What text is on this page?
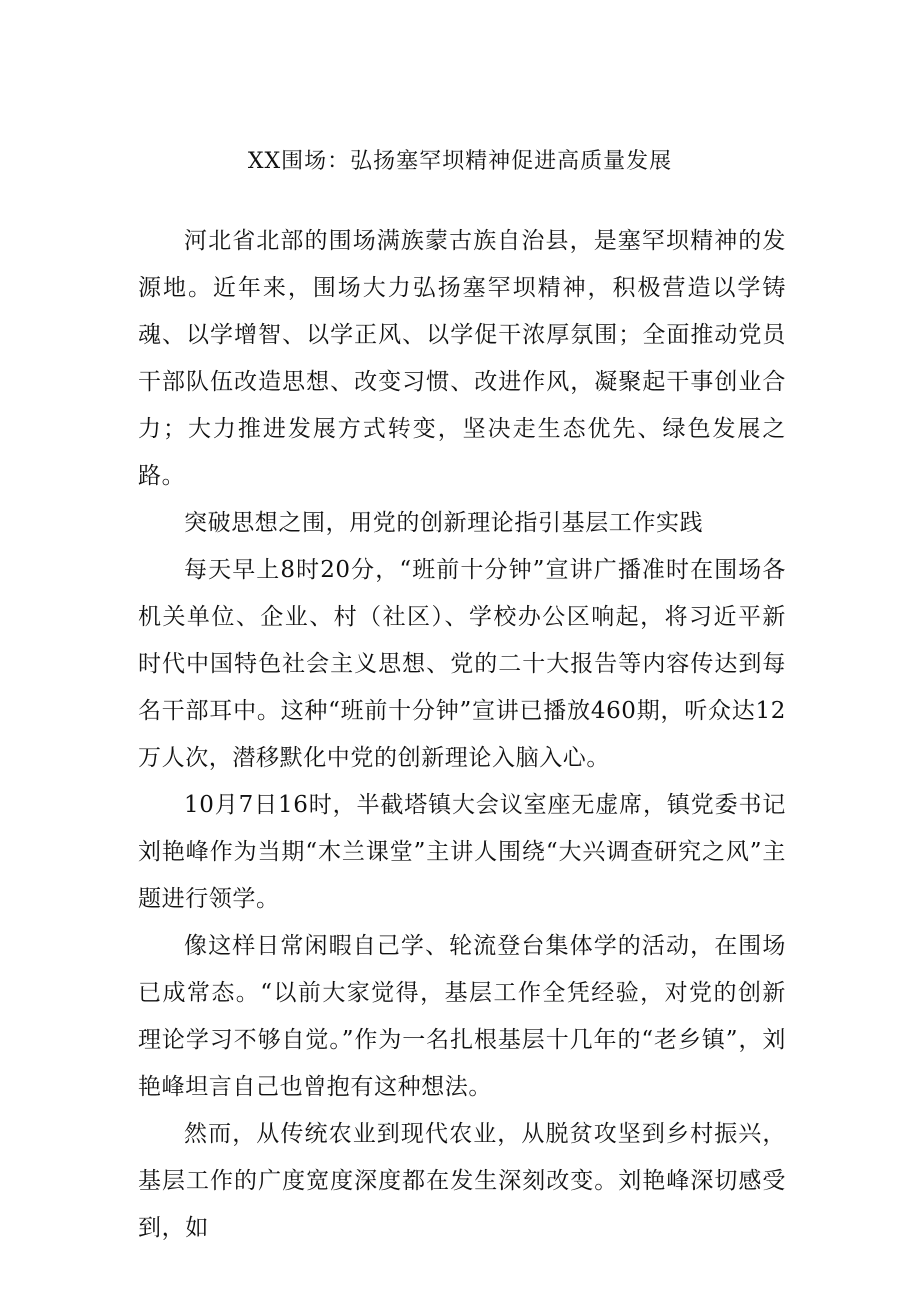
XX围场：弘扬塞罕坝精神促进高质量发展

河北省北部的围场满族蒙古族自治县，是塞罕坝精神的发源地。近年来，围场大力弘扬塞罕坝精神，积极营造以学铸魂、以学增智、以学正风、以学促干浓厚氛围；全面推动党员干部队伍改造思想、改变习惯、改进作风，凝聚起干事创业合力；大力推进发展方式转变，坚决走生态优先、绿色发展之路。

突破思想之围，用党的创新理论指引基层工作实践

每天早上8时20分，“班前十分钟”宣讲广播准时在围场各机关单位、企业、村（社区）、学校办公区响起，将习近平新时代中国特色社会主义思想、党的二十大报告等内容传达到每名干部耳中。这种“班前十分钟”宣讲已播放460期，听众达12万人次，潜移默化中党的创新理论入脑入心。

10月7日16时，半截塔镇大会议室座无虚席，镇党委书记刘艳峰作为当期“木兰课堂”主讲人围绕“大兴调查研究之风”主题进行领学。

像这样日常闲暇自己学、轮流登台集体学的活动，在围场已成常态。“以前大家觉得，基层工作全凭经验，对党的创新理论学习不够自觉。”作为一名扎根基层十几年的“老乡镇”，刘艳峰坦言自己也曾抱有这种想法。

然而，从传统农业到现代农业，从脱贫攻坚到乡村振兴，基层工作的广度宽度深度都在发生深刻改变。刘艳峰深切感受到，如
